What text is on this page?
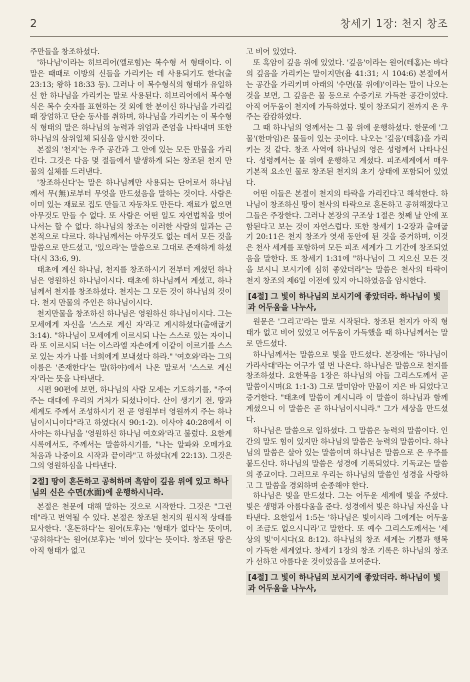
2	창세기 1장: 천지 창조

주만들을 창조하셨다.

'하나님'이라는 히브리어(엘로힘)는 복수형 서 형태이다. 이 말은 때때로 이방의 신들을 가리키는 데 사용되기도 한다(출 23:13; 왕하 18:33 등). 그러나 이 복수형식의 형태가 유일하신 한 하나님을 가리키는 말로 사용된다. 히브리어에서 복수형식은 복수 숫자를 표현하는 것 외에 한 분이신 하나님을 가리킬 때 장엄하고 단순 동사를 취하며, 하나님을 가리키는 이 복수형식 형태의 말은 하나님의 능력과 위엄과 존엄을 나타내며 또한 하나님의 삼위일체 되심을 암시한 것이다.

본절의 '천지'는 우주 공간과 그 안에 있는 모든 만물을 가리킨다. 그것은 다음 몇 절들에서 발생하게 되는 창조된 천지 만물의 실체를 드러낸다.

'창조하신다'는 말은 하나님께만 사용되는 단어로서 하나님께서 무(無)로부터 무엇을 만드셨음을 말하는 것이다. 사람은 이미 있는 재료로 집도 만들고 자동차도 만든다. 재료가 없으면 아무것도 만들 수 없다. 또 사람은 어떤 일도 자연법칙을 벗어나서는 할 수 없다. 하나님의 창조는 이러한 사람의 일과는 근본적으로 다르다. 하나님께서는 아무것도 없는 데서 모든 것을 말씀으로 만드셨고, '있으라'는 말씀으로 그대로 존재하게 하셨다(시 33:6, 9).

태초에 계신 하나님, 천지를 창조하시기 전부터 계셨던 하나님은 영원하신 하나님이시다. 태초에 하나님께서 계셨고, 하나님께서 천지를 창조하셨다. 천지는 그 모든 것이 하나님의 것이다. 천지 만물의 주인은 하나님이시다.

천지만물을 창조하신 하나님은 영원하신 하나님이시다. 그는 모세에게 자신을 '스스로 계신 자'라고 계시하셨다(출애굽기 3:14). "하나님이 모세에게 이르시되 나는 스스로 있는 자이니라 또 이르시되 너는 이스라엘 자손에게 이같이 이르기를 스스로 있는 자가 나를 너희에게 보내셨다 하라." '여호와'라는 그의 이름은 '존재한다'는 말(하야)에서 나온 말로서 '스스로 계신 자'라는 뜻을 나타낸다.

시편 90편에 보면, 하나님의 사람 모세는 기도하기를, "주여 주는 대대에 우리의 거처가 되셨나이다. 산이 생기기 전, 땅과 세계도 주께서 조성하시기 전 곧 영원부터 영원까지 주는 하나님이시니이다"라고 하였다(시 90:1-2). 이사야 40:28에서 이사야는 하나님을 '영원하신 하나님 여호와'라고 불렀다. 요한계시록에서도, 주께서는 말씀하시기를, "나는 알파와 오메가요 처음과 나중이요 시작과 끝이라"고 하셨다(계 22:13). 그것은 그의 영원하심을 나타낸다.

2절] 땅이 혼돈하고 공허하며 흑암이 깊음 위에 있고 하나님의 신은 수면(水面)에 운행하시니라.

본절은 천문에 대해 말하는 것으로 시작한다. 그것은 "그런데"라고 번역될 수 있다. 본절은 창조된 천지의 원시적 상태를 묘사한다. '혼돈하다'는 원어(토후)는 '형태가 없다'는 뜻이며, '공허하다'는 원어(보후)는 '비어 있다'는 뜻이다. 창조된 땅은 아직 형태가 없고

고 비어 있었다.

또 흑암이 깊음 위에 있었다. '깊음'이라는 원어(테홈)는 바다의 깊음을 가리키는 말이지만(욥 41:31; 시 104:6) 본절에서는 공간을 가리키며 아래의 '수면(물 위에)'이라는 말이 나오는 것을 보면, 그 깊음은 물 등으로 수증기로 가득찬 공간이었다. 아직 어두움이 천지에 가득하였다. 빛이 창조되기 전까지 온 우주는 캄캄하였다.

그 때 하나님의 영께서는 그 물 위에 운행하셨다. 한문에 '그 물'(한마임)은 물들이 있는 곳이다. 나오는 '깊음'(테홈)을 가리키는 것 같다. 창조 사역에 하나님의 영은 성령께서 나타나신다. 성령께서는 물 위에 운행하고 계셨다. 피조세계에서 매우 기본적 요소인 물로 창조된 천지의 초기 상태에 포함되어 있었다.

어떤 이들은 본절이 천지의 타락을 가리킨다고 해석한다. 하나님이 창조하신 땅이 천사의 타락으로 혼돈하고 공허해졌다고 그들은 주장한다. 그러나 본장의 구조상 1절은 첫째 날 안에 포함된다고 보는 것이 자연스럽다. 또한 창세기 1-2장과 출애굽기 20:11은 천지 창조가 엿새 동안에 된 것을 증거하며, 이것은 천사 세계를 포함하여 모든 피조 세계가 그 기간에 창조되었음을 말한다. 또 창세기 1:31에 "하나님이 그 지으신 모든 것을 보시니 보시기에 심히 좋았더라"는 말씀은 천사의 타락이 천지 창조의 제6일 이전에 있지 아니하였음을 암시한다.

[4절] 그 빛이 하나님의 보시기에 좋았더라. 하나님이 빛과 어두움을 나누사,

원문은 '그리고'라는 말로 시작된다. 창조된 천지가 아직 형태가 없고 비어 있었고 어두움이 가득했을 때 하나님께서는 말로 만드셨다.

하나님께서는 말씀으로 빛을 만드셨다. 본장에는 '하나님이 가라사대'라는 어구가 열 번 나온다. 하나님은 말씀으로 천지를 창조하셨다. 요한복음 1장은 하나님의 아들 그리스도께서 곧 말씀이시며(요 1:1-3) 그로 말미암아 만물이 지은 바 되었다고 증거한다. "태초에 말씀이 계시니라 이 말씀이 하나님과 함께 계셨으니 이 말씀은 곧 하나님이시니라." 그가 세상을 만드셨다.

하나님은 말씀으로 일하셨다. 그 말씀은 능력의 말씀이다. 인간의 말도 힘이 있지만 하나님의 말씀은 능력의 말씀이다. 하나님의 말씀은 살아 있는 말씀이며 하나님은 말씀으로 온 우주를 붙드신다. 하나님의 말씀은 성경에 기록되었다. 기독교는 말씀의 종교이다. 그러므로 우리는 하나님의 말씀인 성경을 사랑하고 그 말씀을 경외하며 순종해야 한다.

하나님은 빛을 만드셨다. 그는 어두운 세계에 빛을 주셨다. 빛은 생명과 아름다움을 준다. 성경에서 빛은 하나님 자신을 나타낸다. 요한일서 1:5는 '하나님은 빛이시라 그에게는 어두움이 조금도 없으시니라'고 말한다. 또 예수 그리스도께서는 '세상의 빛'이시다(요 8:12). 하나님의 창조 세계는 기쁨과 행복이 가득한 세계였다. 창세기 1장의 창조 기록은 하나님의 창조가 선하고 아름다운 것이었음을 보여준다.

[4절] 그 빛이 하나님의 보시기에 좋았더라. 하나님이 빛과 어두움을 나누사,
